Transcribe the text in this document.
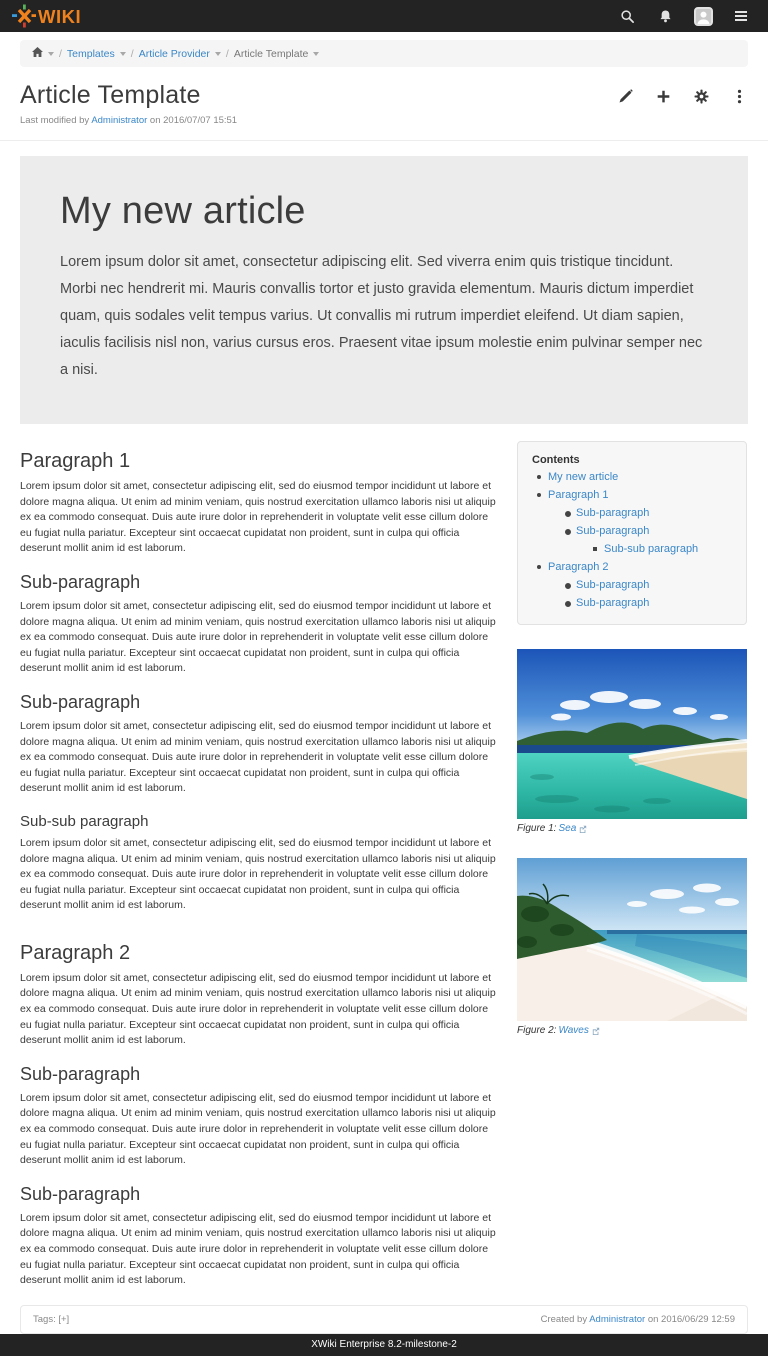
WIKI
/ Templates / Article Provider / Article Template
Article Template
Last modified by Administrator on 2016/07/07 15:51
My new article
Lorem ipsum dolor sit amet, consectetur adipiscing elit. Sed viverra enim quis tristique tincidunt. Morbi nec hendrerit mi. Mauris convallis tortor et justo gravida elementum. Mauris dictum imperdiet quam, quis sodales velit tempus varius. Ut convallis mi rutrum imperdiet eleifend. Ut diam sapien, iaculis facilisis nisl non, varius cursus eros. Praesent vitae ipsum molestie enim pulvinar semper nec a nisi.
Paragraph 1

Lorem ipsum dolor sit amet, consectetur adipiscing elit, sed do eiusmod tempor incididunt ut labore et dolore magna aliqua. Ut enim ad minim veniam, quis nostrud exercitation ullamco laboris nisi ut aliquip ex ea commodo consequat. Duis aute irure dolor in reprehenderit in voluptate velit esse cillum dolore eu fugiat nulla pariatur. Excepteur sint occaecat cupidatat non proident, sunt in culpa qui officia deserunt mollit anim id est laborum.

Sub-paragraph

Lorem ipsum dolor sit amet, consectetur adipiscing elit, sed do eiusmod tempor incididunt ut labore et dolore magna aliqua. Ut enim ad minim veniam, quis nostrud exercitation ullamco laboris nisi ut aliquip ex ea commodo consequat. Duis aute irure dolor in reprehenderit in voluptate velit esse cillum dolore eu fugiat nulla pariatur. Excepteur sint occaecat cupidatat non proident, sunt in culpa qui officia deserunt mollit anim id est laborum.

Sub-paragraph

Lorem ipsum dolor sit amet, consectetur adipiscing elit, sed do eiusmod tempor incididunt ut labore et dolore magna aliqua. Ut enim ad minim veniam, quis nostrud exercitation ullamco laboris nisi ut aliquip ex ea commodo consequat. Duis aute irure dolor in reprehenderit in voluptate velit esse cillum dolore eu fugiat nulla pariatur. Excepteur sint occaecat cupidatat non proident, sunt in culpa qui officia deserunt mollit anim id est laborum.

Sub-sub paragraph

Lorem ipsum dolor sit amet, consectetur adipiscing elit, sed do eiusmod tempor incididunt ut labore et dolore magna aliqua. Ut enim ad minim veniam, quis nostrud exercitation ullamco laboris nisi ut aliquip ex ea commodo consequat. Duis aute irure dolor in reprehenderit in voluptate velit esse cillum dolore eu fugiat nulla pariatur. Excepteur sint occaecat cupidatat non proident, sunt in culpa qui officia deserunt mollit anim id est laborum.

Paragraph 2

Lorem ipsum dolor sit amet, consectetur adipiscing elit, sed do eiusmod tempor incididunt ut labore et dolore magna aliqua. Ut enim ad minim veniam, quis nostrud exercitation ullamco laboris nisi ut aliquip ex ea commodo consequat. Duis aute irure dolor in reprehenderit in voluptate velit esse cillum dolore eu fugiat nulla pariatur. Excepteur sint occaecat cupidatat non proident, sunt in culpa qui officia deserunt mollit anim id est laborum.

Sub-paragraph

Lorem ipsum dolor sit amet, consectetur adipiscing elit, sed do eiusmod tempor incididunt ut labore et dolore magna aliqua. Ut enim ad minim veniam, quis nostrud exercitation ullamco laboris nisi ut aliquip ex ea commodo consequat. Duis aute irure dolor in reprehenderit in voluptate velit esse cillum dolore eu fugiat nulla pariatur. Excepteur sint occaecat cupidatat non proident, sunt in culpa qui officia deserunt mollit anim id est laborum.

Sub-paragraph

Lorem ipsum dolor sit amet, consectetur adipiscing elit, sed do eiusmod tempor incididunt ut labore et dolore magna aliqua. Ut enim ad minim veniam, quis nostrud exercitation ullamco laboris nisi ut aliquip ex ea commodo consequat. Duis aute irure dolor in reprehenderit in voluptate velit esse cillum dolore eu fugiat nulla pariatur. Excepteur sint occaecat cupidatat non proident, sunt in culpa qui officia deserunt mollit anim id est laborum.

Contents
My new article
Paragraph 1
Sub-paragraph
Sub-paragraph
Sub-sub paragraph
Paragraph 2
Sub-paragraph
Sub-paragraph
Figure 1: Sea
Figure 2: Waves
Tags:
[+]	Created by Administrator on 2016/06/29 12:59
XWiki Enterprise 8.2-milestone-2
